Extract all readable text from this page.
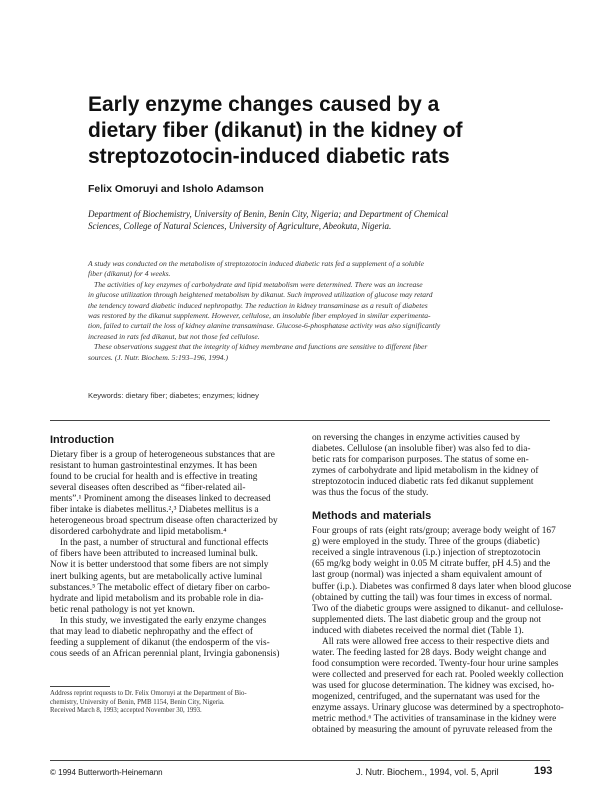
Early enzyme changes caused by a
dietary fiber (dikanut) in the kidney of
streptozotocin-induced diabetic rats
Felix Omoruyi and Isholo Adamson
Department of Biochemistry, University of Benin, Benin City, Nigeria; and Department of Chemical
Sciences, College of Natural Sciences, University of Agriculture, Abeokuta, Nigeria.
A study was conducted on the metabolism of streptozotocin induced diabetic rats fed a supplement of a soluble
fiber (dikanut) for 4 weeks.
The activities of key enzymes of carbohydrate and lipid metabolism were determined. There was an increase
in glucose utilization through heightened metabolism by dikanut. Such improved utilization of glucose may retard
the tendency toward diabetic induced nephropathy. The reduction in kidney transaminase as a result of diabetes
was restored by the dikanut supplement. However, cellulose, an insoluble fiber employed in similar experimenta-
tion, failed to curtail the loss of kidney alanine transaminase. Glucose-6-phosphatase activity was also significantly
increased in rats fed dikanut, but not those fed cellulose.
These observations suggest that the integrity of kidney membrane and functions are sensitive to different fiber
sources. (J. Nutr. Biochem. 5:193–196, 1994.)
Keywords: dietary fiber; diabetes; enzymes; kidney
Introduction
Dietary fiber is a group of heterogeneous substances that are
resistant to human gastrointestinal enzymes. It has been
found to be crucial for health and is effective in treating
several diseases often described as “fiber-related ail-
ments”.¹ Prominent among the diseases linked to decreased
fiber intake is diabetes mellitus.²,³ Diabetes mellitus is a
heterogeneous broad spectrum disease often characterized by
disordered carbohydrate and lipid metabolism.⁴
In the past, a number of structural and functional effects
of fibers have been attributed to increased luminal bulk.
Now it is better understood that some fibers are not simply
inert bulking agents, but are metabolically active luminal
substances.⁵ The metabolic effect of dietary fiber on carbo-
hydrate and lipid metabolism and its probable role in dia-
betic renal pathology is not yet known.
In this study, we investigated the early enzyme changes
that may lead to diabetic nephropathy and the effect of
feeding a supplement of dikanut (the endosperm of the vis-
cous seeds of an African perennial plant, Irvingia gabonensis)
on reversing the changes in enzyme activities caused by
diabetes. Cellulose (an insoluble fiber) was also fed to dia-
betic rats for comparison purposes. The status of some en-
zymes of carbohydrate and lipid metabolism in the kidney of
streptozotocin induced diabetic rats fed dikanut supplement
was thus the focus of the study.
Methods and materials
Four groups of rats (eight rats/group; average body weight of 167
g) were employed in the study. Three of the groups (diabetic)
received a single intravenous (i.p.) injection of streptozotocin
(65 mg/kg body weight in 0.05 M citrate buffer, pH 4.5) and the
last group (normal) was injected a sham equivalent amount of
buffer (i.p.). Diabetes was confirmed 8 days later when blood glucose
(obtained by cutting the tail) was four times in excess of normal.
Two of the diabetic groups were assigned to dikanut- and cellulose-
supplemented diets. The last diabetic group and the group not
induced with diabetes received the normal diet (Table 1).
All rats were allowed free access to their respective diets and
water. The feeding lasted for 28 days. Body weight change and
food consumption were recorded. Twenty-four hour urine samples
were collected and preserved for each rat. Pooled weekly collection
was used for glucose determination. The kidney was excised, ho-
mogenized, centrifuged, and the supernatant was used for the
enzyme assays. Urinary glucose was determined by a spectrophoto-
metric method.⁶ The activities of transaminase in the kidney were
obtained by measuring the amount of pyruvate released from the
Address reprint requests to Dr. Felix Omoruyi at the Department of Bio-
chemistry, University of Benin, PMB 1154, Benin City, Nigeria.
Received March 8, 1993; accepted November 30, 1993.
© 1994 Butterworth-Heinemann	J. Nutr. Biochem., 1994, vol. 5, April	193
